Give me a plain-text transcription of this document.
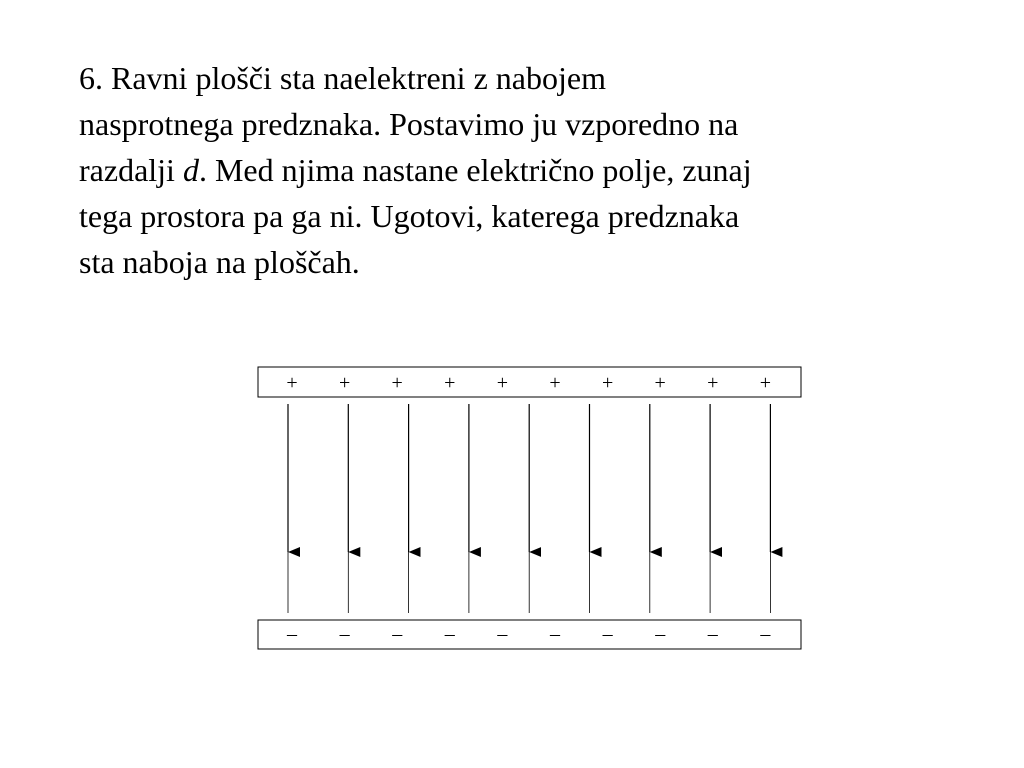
6. Ravni plošči sta naelektreni z nabojem
nasprotnega predznaka. Postavimo ju vzporedno na
razdalji d. Med njima nastane električno polje, zunaj
tega prostora pa ga ni. Ugotovi, katerega predznaka
sta naboja na ploščah.

+ + + + + + + + + +
– – – – – – – – – –
